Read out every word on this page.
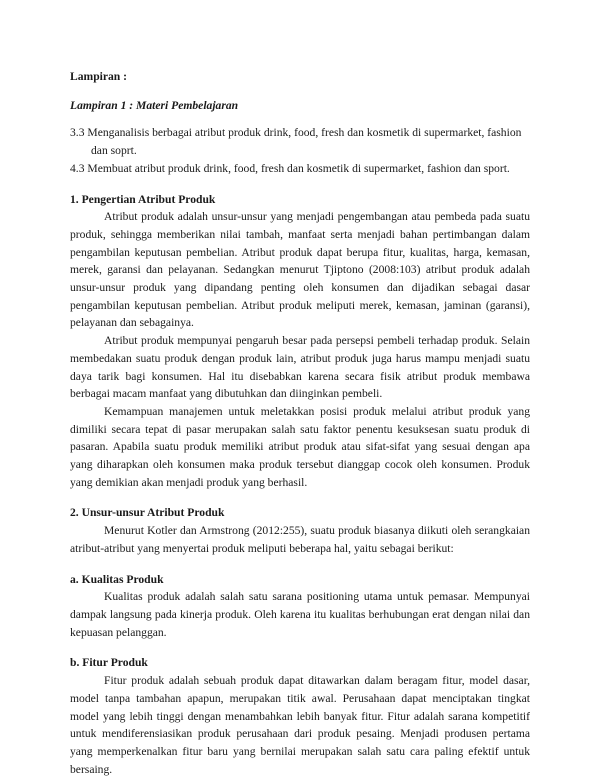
Lampiran :

Lampiran 1 : Materi Pembelajaran

3.3 Menganalisis berbagai atribut produk drink, food, fresh dan kosmetik di supermarket, fashion dan soprt.

4.3 Membuat atribut produk drink, food, fresh dan kosmetik di supermarket, fashion dan sport.

1. Pengertian Atribut Produk

Atribut produk adalah unsur-unsur yang menjadi pengembangan atau pembeda pada suatu produk, sehingga memberikan nilai tambah, manfaat serta menjadi bahan pertimbangan dalam pengambilan keputusan pembelian. Atribut produk dapat berupa fitur, kualitas, harga, kemasan, merek, garansi dan pelayanan. Sedangkan menurut Tjiptono (2008:103) atribut produk adalah unsur-unsur produk yang dipandang penting oleh konsumen dan dijadikan sebagai dasar pengambilan keputusan pembelian. Atribut produk meliputi merek, kemasan, jaminan (garansi), pelayanan dan sebagainya.

Atribut produk mempunyai pengaruh besar pada persepsi pembeli terhadap produk. Selain membedakan suatu produk dengan produk lain, atribut produk juga harus mampu menjadi suatu daya tarik bagi konsumen. Hal itu disebabkan karena secara fisik atribut produk membawa berbagai macam manfaat yang dibutuhkan dan diinginkan pembeli.

Kemampuan manajemen untuk meletakkan posisi produk melalui atribut produk yang dimiliki secara tepat di pasar merupakan salah satu faktor penentu kesuksesan suatu produk di pasaran. Apabila suatu produk memiliki atribut produk atau sifat-sifat yang sesuai dengan apa yang diharapkan oleh konsumen maka produk tersebut dianggap cocok oleh konsumen. Produk yang demikian akan menjadi produk yang berhasil.

2. Unsur-unsur Atribut Produk

Menurut Kotler dan Armstrong (2012:255), suatu produk biasanya diikuti oleh serangkaian atribut-atribut yang menyertai produk meliputi beberapa hal, yaitu sebagai berikut:

a. Kualitas Produk

Kualitas produk adalah salah satu sarana positioning utama untuk pemasar. Mempunyai dampak langsung pada kinerja produk. Oleh karena itu kualitas berhubungan erat dengan nilai dan kepuasan pelanggan.

b. Fitur Produk

Fitur produk adalah sebuah produk dapat ditawarkan dalam beragam fitur, model dasar, model tanpa tambahan apapun, merupakan titik awal. Perusahaan dapat menciptakan tingkat model yang lebih tinggi dengan menambahkan lebih banyak fitur. Fitur adalah sarana kompetitif untuk mendiferensiasikan produk perusahaan dari produk pesaing. Menjadi produsen pertama yang memperkenalkan fitur baru yang bernilai merupakan salah satu cara paling efektif untuk bersaing.
